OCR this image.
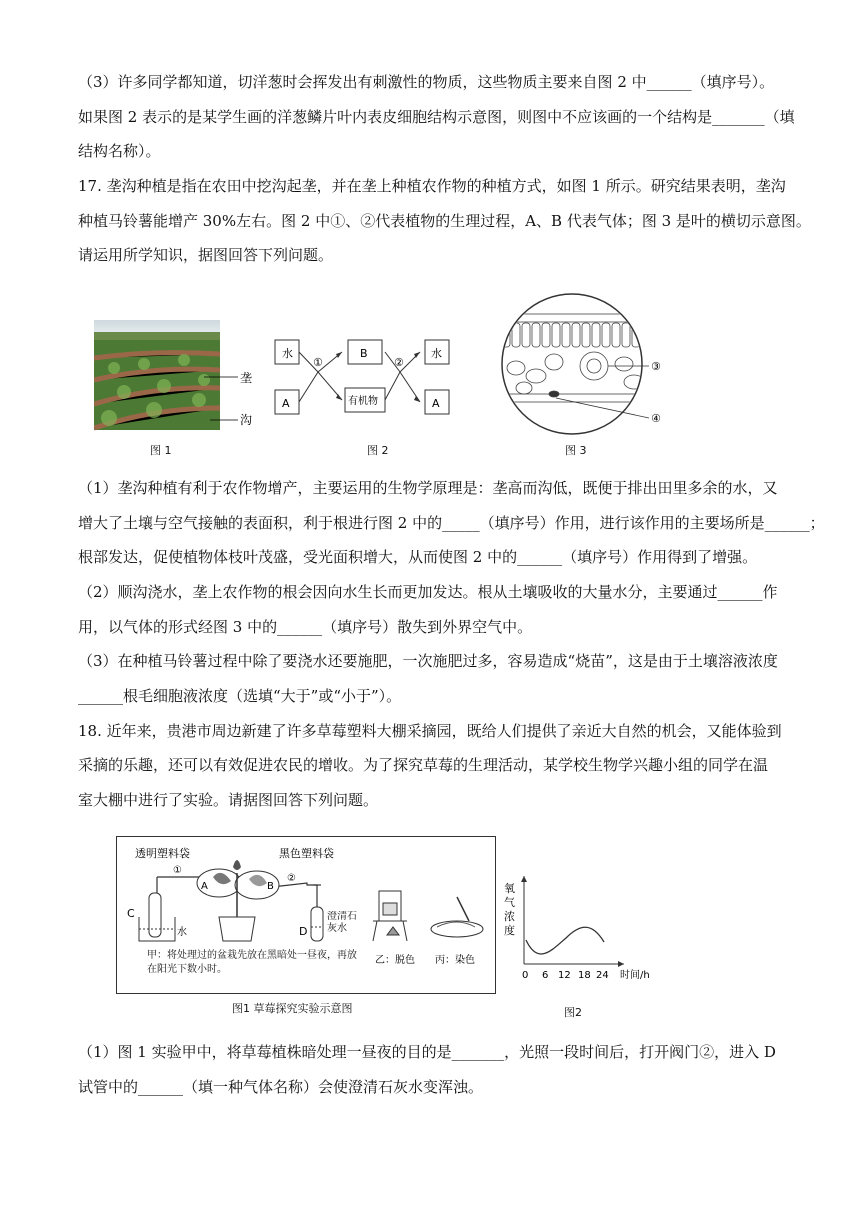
（3）许多同学都知道，切洋葱时会挥发出有刺激性的物质，这些物质主要来自图 2 中______（填序号）。
如果图 2 表示的是某学生画的洋葱鳞片叶内表皮细胞结构示意图，则图中不应该画的一个结构是_______（填
结构名称）。
17. 垄沟种植是指在农田中挖沟起垄，并在垄上种植农作物的种植方式，如图 1 所示。研究结果表明，垄沟
种植马铃薯能增产 30%左右。图 2 中①、②代表植物的生理过程，A、B 代表气体；图 3 是叶的横切示意图。
请运用所学知识，据图回答下列问题。
垄
沟
图 1
水
A
B
有机物
水
A
①	②
图 2
③
④
图 3
（1）垄沟种植有利于农作物增产，主要运用的生物学原理是：垄高而沟低，既便于排出田里多余的水，又
增大了土壤与空气接触的表面积，利于根进行图 2 中的_____（填序号）作用，进行该作用的主要场所是______；
根部发达，促使植物体枝叶茂盛，受光面积增大，从而使图 2 中的______（填序号）作用得到了增强。
（2）顺沟浇水，垄上农作物的根会因向水生长而更加发达。根从土壤吸收的大量水分，主要通过______作
用，以气体的形式经图 3 中的______（填序号）散失到外界空气中。
（3）在种植马铃薯过程中除了要浇水还要施肥，一次施肥过多，容易造成“烧苗”，这是由于土壤溶液浓度
______根毛细胞液浓度（选填“大于”或“小于”）。
18. 近年来，贵港市周边新建了许多草莓塑料大棚采摘园，既给人们提供了亲近大自然的机会，又能体验到
采摘的乐趣，还可以有效促进农民的增收。为了探究草莓的生理活动，某学校生物学兴趣小组的同学在温
室大棚中进行了实验。请据图回答下列问题。
透明塑料袋	黑色塑料袋
①
②
A	B
C
水	D
澄清石灰水
甲：将处理过的盆栽先放在黑暗处一昼夜，再放在阳光下数小时。
乙：脱色 丙：染色
图1 草莓探究实验示意图
氧气浓度
0 6 12 18 24 时间/h
图2
（1）图 1 实验甲中，将草莓植株暗处理一昼夜的目的是_______，光照一段时间后，打开阀门②，进入 D
试管中的______（填一种气体名称）会使澄清石灰水变浑浊。
